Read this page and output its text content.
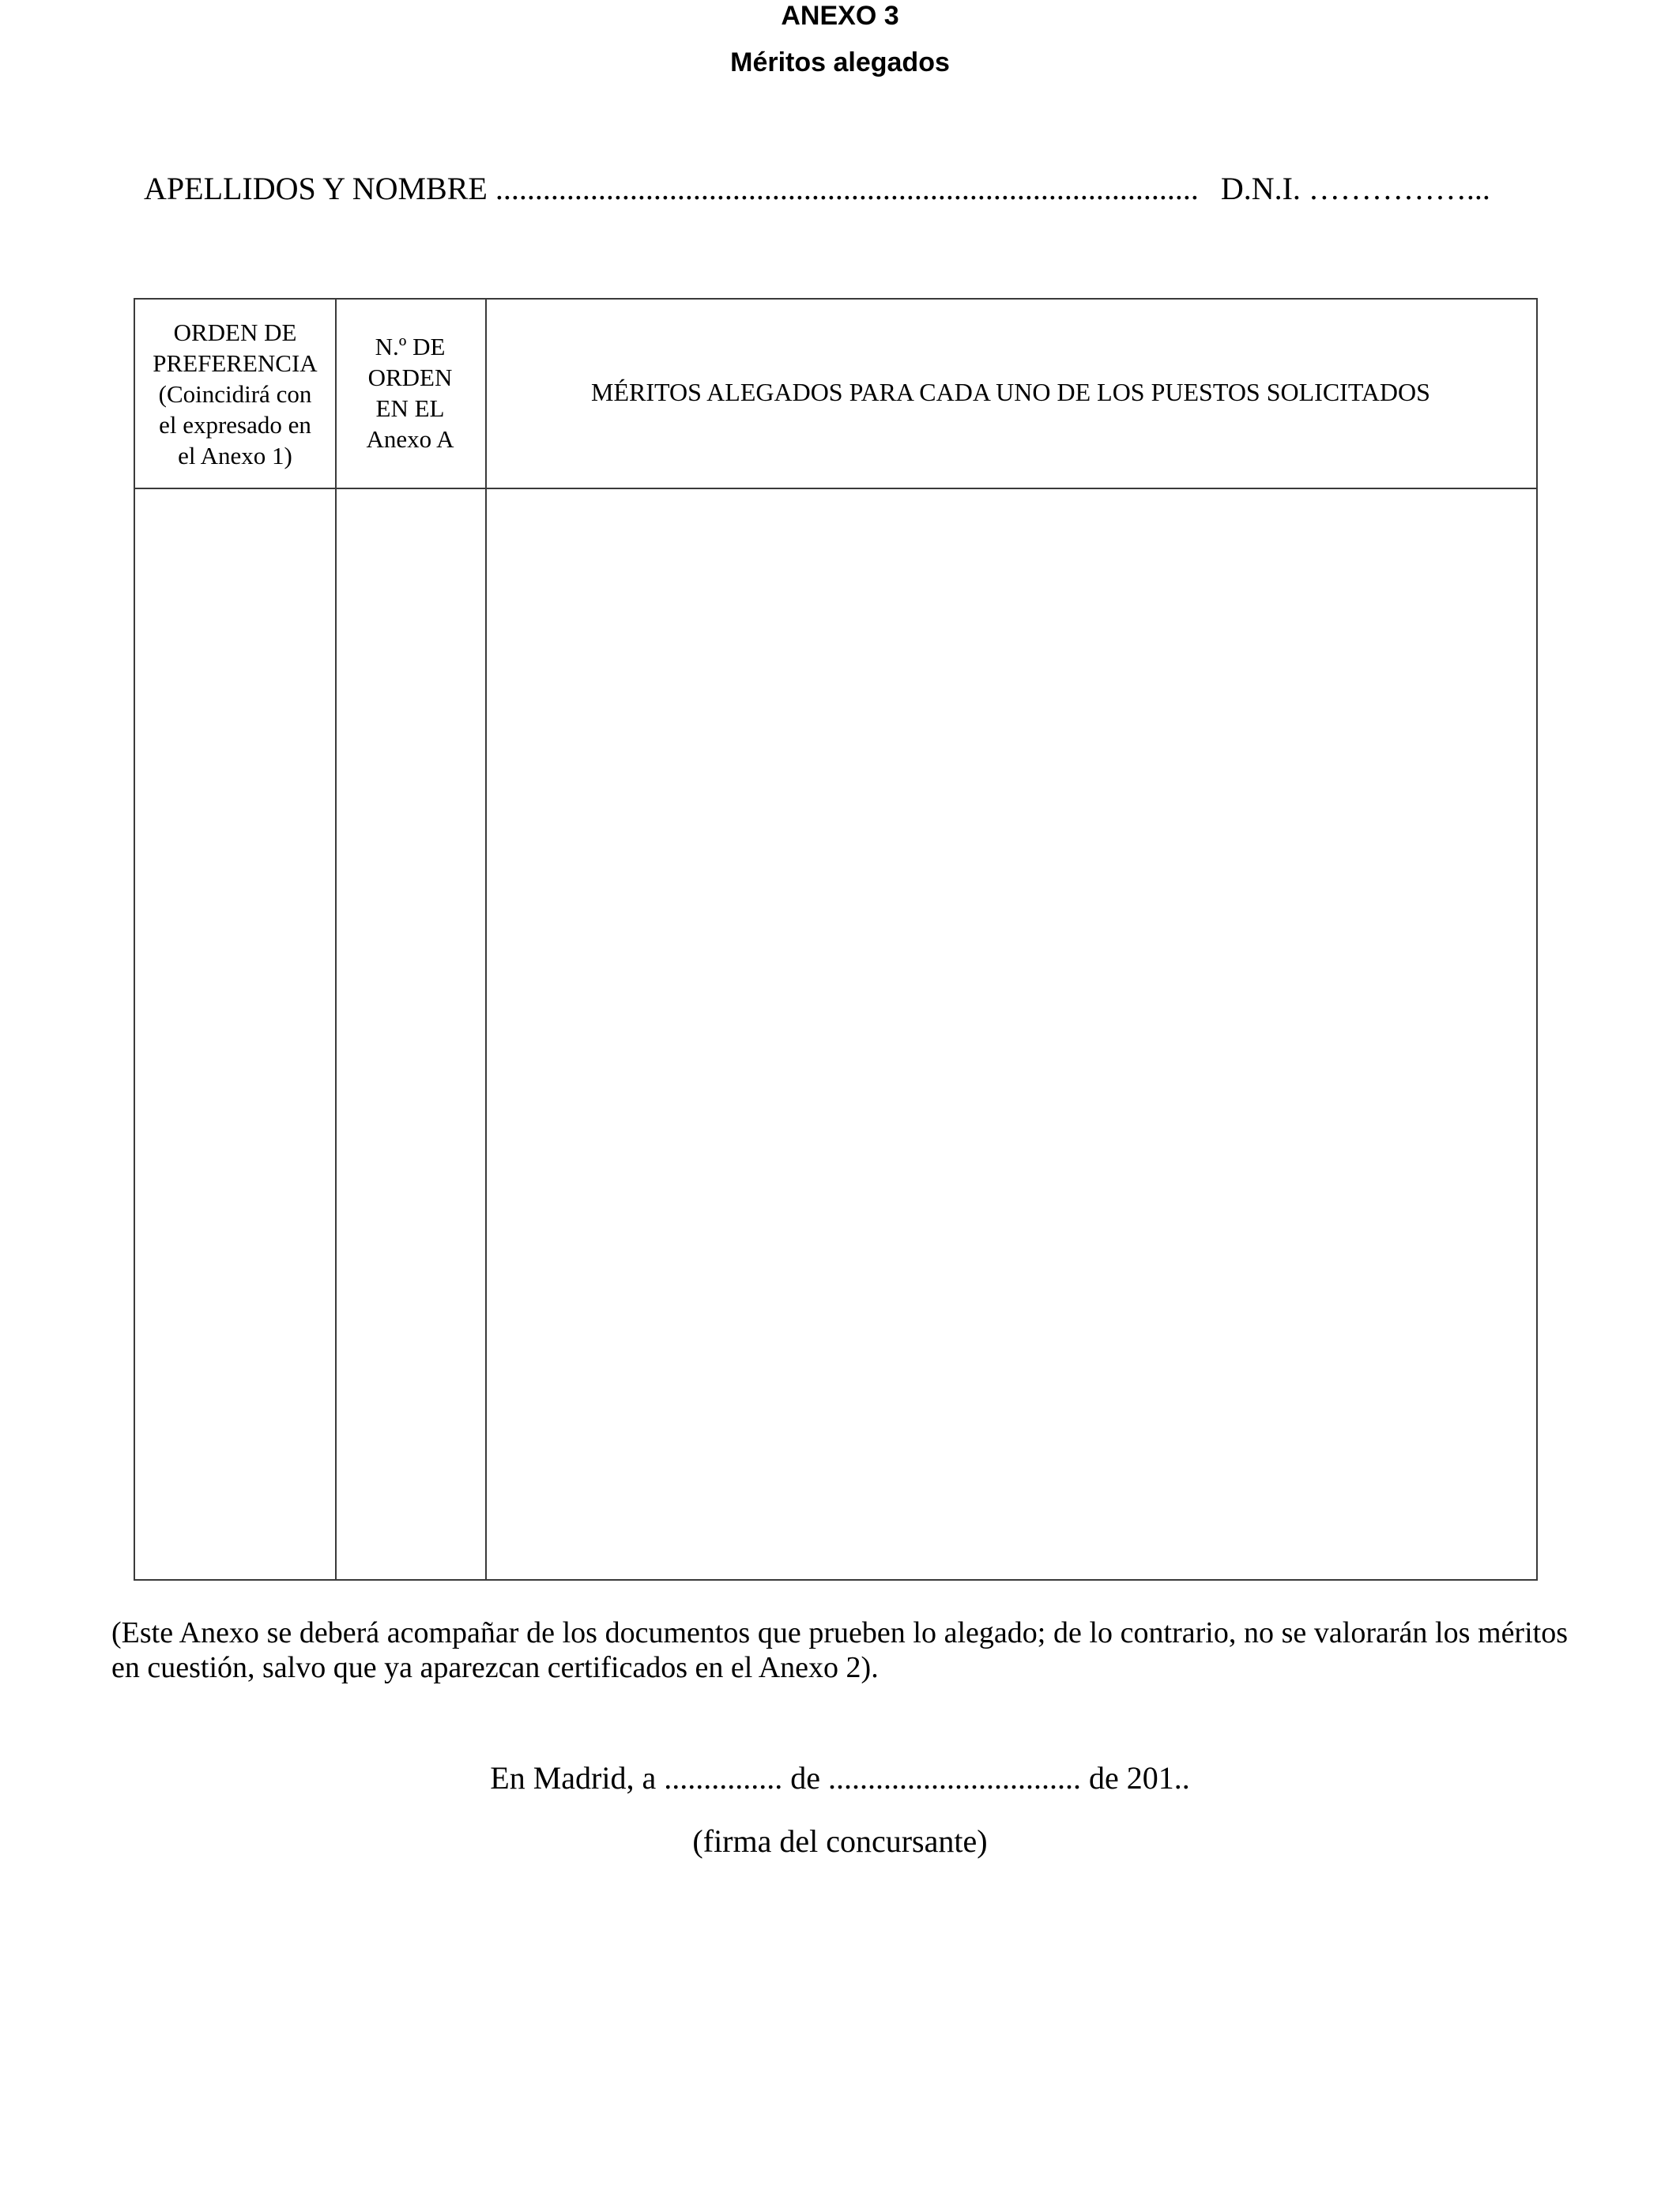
ANEXO 3
Méritos alegados
APELLIDOS Y NOMBRE ......................................................................................... D.N.I. ……………...
ORDEN DE
PREFERENCIA
(Coincidirá con
el expresado en
el Anexo 1)
N.º DE
ORDEN
EN EL
Anexo A
MÉRITOS ALEGADOS PARA CADA UNO DE LOS PUESTOS SOLICITADOS
(Este Anexo se deberá acompañar de los documentos que prueben lo alegado; de lo contrario, no se valorarán los méritos en cuestión, salvo que ya aparezcan certificados en el Anexo 2).
En Madrid, a ............... de ................................ de 201..
(firma del concursante)
